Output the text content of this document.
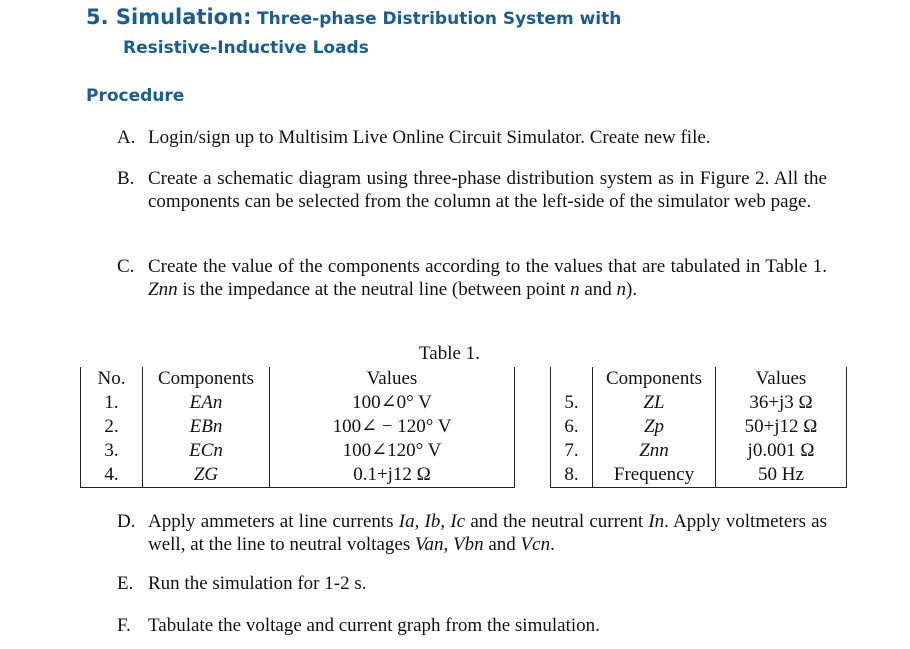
5. Simulation: Three-phase Distribution System with
Resistive-Inductive Loads
Procedure
A. Login/sign up to Multisim Live Online Circuit Simulator. Create new file.
B. Create a schematic diagram using three-phase distribution system as in Figure 2. All the components can be selected from the column at the left-side of the simulator web page.
C. Create the value of the components according to the values that are tabulated in Table 1. Znn is the impedance at the neutral line (between point n and n).
Table 1.
No.	Components	Values			Components	Values
1.	EAn	100∠0° V		5.	ZL	36+j3 Ω
2.	EBn	100∠ − 120° V		6.	Zp	50+j12 Ω
3.	ECn	100∠120° V		7.	Znn	j0.001 Ω
4.	ZG	0.1+j12 Ω		8.	Frequency	50 Hz
D. Apply ammeters at line currents Ia, Ib, Ic and the neutral current In. Apply voltmeters as well, at the line to neutral voltages Van, Vbn and Vcn.
E. Run the simulation for 1-2 s.
F. Tabulate the voltage and current graph from the simulation.
